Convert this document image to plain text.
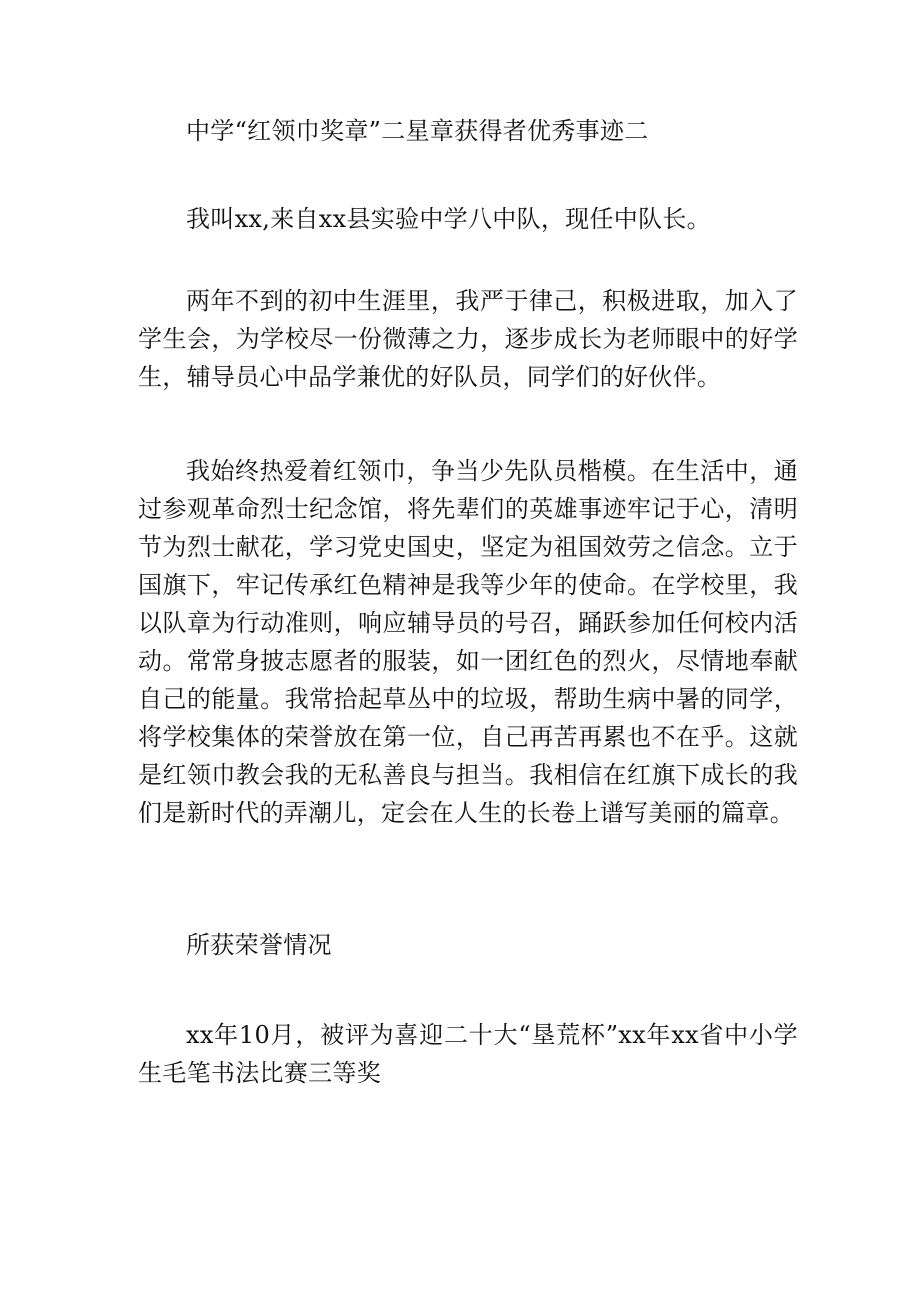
中学“红领巾奖章”二星章获得者优秀事迹二

我叫xx,来自xx县实验中学八中队，现任中队长。

两年不到的初中生涯里，我严于律己，积极进取，加入了学生会，为学校尽一份微薄之力，逐步成长为老师眼中的好学生，辅导员心中品学兼优的好队员，同学们的好伙伴。

我始终热爱着红领巾，争当少先队员楷模。在生活中，通过参观革命烈士纪念馆，将先辈们的英雄事迹牢记于心，清明节为烈士献花，学习党史国史，坚定为祖国效劳之信念。立于国旗下，牢记传承红色精神是我等少年的使命。在学校里，我以队章为行动准则，响应辅导员的号召，踊跃参加任何校内活动。常常身披志愿者的服装，如一团红色的烈火，尽情地奉献自己的能量。我常拾起草丛中的垃圾，帮助生病中暑的同学，将学校集体的荣誉放在第一位，自己再苦再累也不在乎。这就是红领巾教会我的无私善良与担当。我相信在红旗下成长的我们是新时代的弄潮儿，定会在人生的长卷上谱写美丽的篇章。

所获荣誉情况

xx年10月，被评为喜迎二十大“垦荒杯”xx年xx省中小学生毛笔书法比赛三等奖
